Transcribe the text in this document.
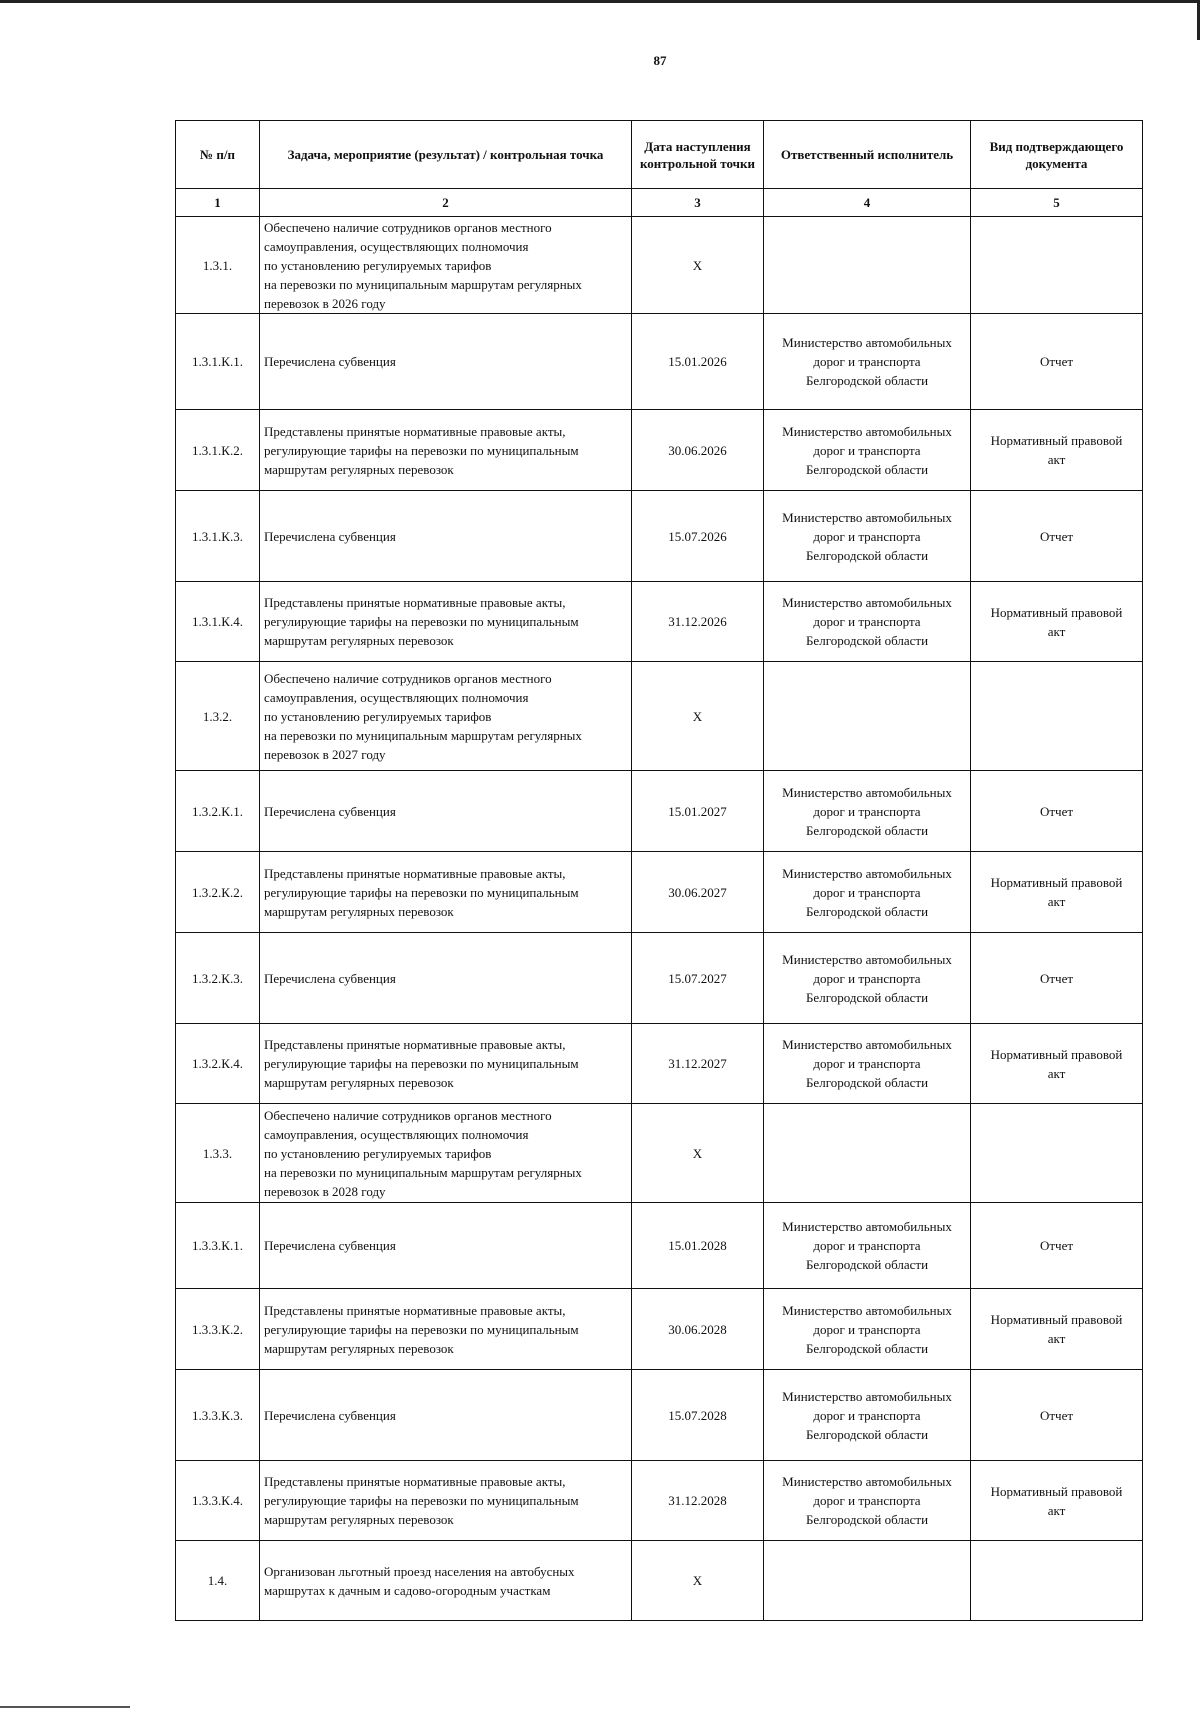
87
№ п/п	Задача, мероприятие (результат) / контрольная точка	Дата наступления контрольной точки	Ответственный исполнитель	Вид подтверждающего документа
1	2	3	4	5
1.3.1.	Обеспечено наличие сотрудников органов местного
самоуправления, осуществляющих полномочия
по установлению регулируемых тарифов
на перевозки по муниципальным маршрутам регулярных
перевозок в 2026 году	X		
1.3.1.К.1.	Перечислена субвенция	15.01.2026	Министерство автомобильных
дорог и транспорта
Белгородской области	Отчет

1.3.1.К.2.	Представлены принятые нормативные правовые акты,
регулирующие тарифы на перевозки по муниципальным
маршрутам регулярных перевозок	30.06.2026	Министерство автомобильных
дорог и транспорта
Белгородской области	Нормативный правовой
акт

1.3.1.К.3.	Перечислена субвенция	15.07.2026	Министерство автомобильных
дорог и транспорта
Белгородской области	Отчет

1.3.1.К.4.	Представлены принятые нормативные правовые акты,
регулирующие тарифы на перевозки по муниципальным
маршрутам регулярных перевозок	31.12.2026	Министерство автомобильных
дорог и транспорта
Белгородской области	Нормативный правовой
акт

1.3.2.	Обеспечено наличие сотрудников органов местного
самоуправления, осуществляющих полномочия
по установлению регулируемых тарифов
на перевозки по муниципальным маршрутам регулярных
перевозок в 2027 году	X		
1.3.2.К.1.	Перечислена субвенция	15.01.2027	Министерство автомобильных
дорог и транспорта
Белгородской области	Отчет

1.3.2.К.2.	Представлены принятые нормативные правовые акты,
регулирующие тарифы на перевозки по муниципальным
маршрутам регулярных перевозок	30.06.2027	Министерство автомобильных
дорог и транспорта
Белгородской области	Нормативный правовой
акт

1.3.2.К.3.	Перечислена субвенция	15.07.2027	Министерство автомобильных
дорог и транспорта
Белгородской области	Отчет

1.3.2.К.4.	Представлены принятые нормативные правовые акты,
регулирующие тарифы на перевозки по муниципальным
маршрутам регулярных перевозок	31.12.2027	Министерство автомобильных
дорог и транспорта
Белгородской области	Нормативный правовой
акт

1.3.3.	Обеспечено наличие сотрудников органов местного
самоуправления, осуществляющих полномочия
по установлению регулируемых тарифов
на перевозки по муниципальным маршрутам регулярных
перевозок в 2028 году	X		
1.3.3.К.1.	Перечислена субвенция	15.01.2028	Министерство автомобильных
дорог и транспорта
Белгородской области	Отчет

1.3.3.К.2.	Представлены принятые нормативные правовые акты,
регулирующие тарифы на перевозки по муниципальным
маршрутам регулярных перевозок	30.06.2028	Министерство автомобильных
дорог и транспорта
Белгородской области	Нормативный правовой
акт

1.3.3.К.3.	Перечислена субвенция	15.07.2028	Министерство автомобильных
дорог и транспорта
Белгородской области	Отчет

1.3.3.К.4.	Представлены принятые нормативные правовые акты,
регулирующие тарифы на перевозки по муниципальным
маршрутам регулярных перевозок	31.12.2028	Министерство автомобильных
дорог и транспорта
Белгородской области	Нормативный правовой
акт

1.4.	Организован льготный проезд населения на автобусных
маршрутах к дачным и садово-огородным участкам	X		
